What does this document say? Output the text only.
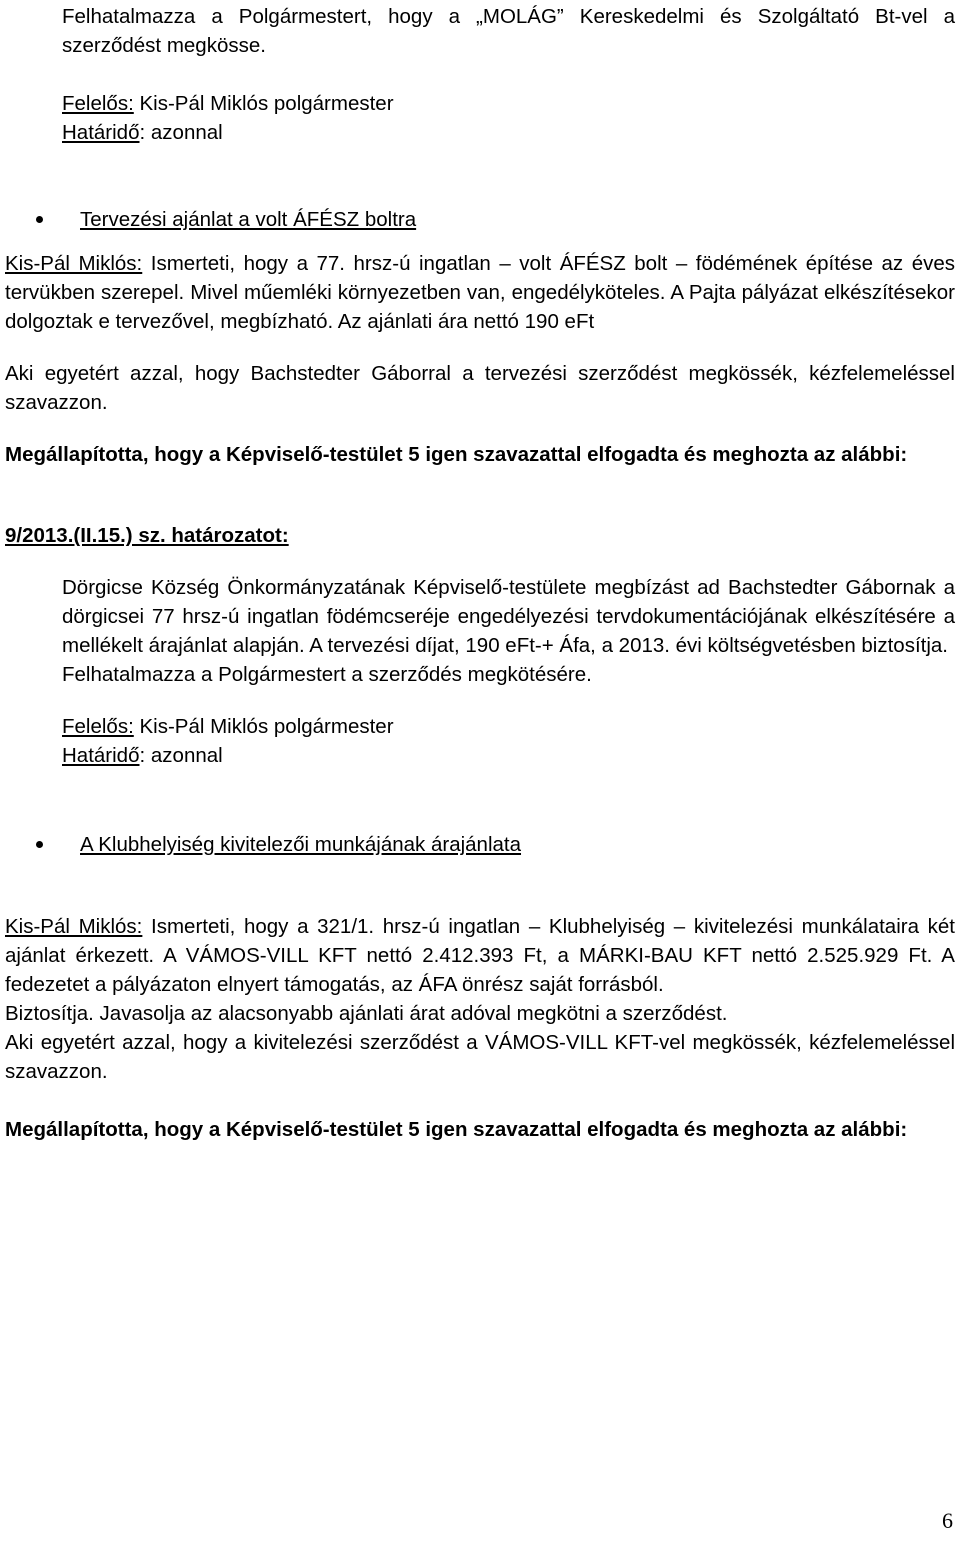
Felhatalmazza a Polgármestert, hogy a „MOLÁG” Kereskedelmi és Szolgáltató Bt-vel a szerződést megkösse.

Felelős: Kis-Pál Miklós polgármester

Határidő: azonnal

Tervezési ajánlat a volt ÁFÉSZ boltra

Kis-Pál Miklós: Ismerteti, hogy a 77. hrsz-ú ingatlan – volt ÁFÉSZ bolt – födémének építése az éves tervükben szerepel. Mivel műemléki környezetben van, engedélyköteles. A Pajta pályázat elkészítésekor dolgoztak e tervezővel, megbízható. Az ajánlati ára nettó 190 eFt

Aki egyetért azzal, hogy Bachstedter Gáborral a tervezési szerződést megkössék, kézfelemeléssel szavazzon.

Megállapította, hogy a Képviselő-testület 5 igen szavazattal elfogadta és meghozta az alábbi:

9/2013.(II.15.) sz. határozatot:

Dörgicse Község Önkormányzatának Képviselő-testülete megbízást ad Bachstedter Gábornak a dörgicsei 77 hrsz-ú ingatlan födémcseréje engedélyezési tervdokumentációjának elkészítésére a mellékelt árajánlat alapján. A tervezési díjat, 190 eFt-+ Áfa, a 2013. évi költségvetésben biztosítja.

Felhatalmazza a Polgármestert a szerződés megkötésére.

Felelős: Kis-Pál Miklós polgármester

Határidő: azonnal

A Klubhelyiség kivitelezői munkájának árajánlata

Kis-Pál Miklós: Ismerteti, hogy a 321/1. hrsz-ú ingatlan – Klubhelyiség – kivitelezési munkálataira két ajánlat érkezett. A VÁMOS-VILL KFT nettó 2.412.393 Ft, a MÁRKI-BAU KFT nettó 2.525.929 Ft. A fedezetet a pályázaton elnyert támogatás, az ÁFA önrész saját forrásból.

Biztosítja. Javasolja az alacsonyabb ajánlati árat adóval megkötni a szerződést.

Aki egyetért azzal, hogy a kivitelezési szerződést a VÁMOS-VILL KFT-vel megkössék, kézfelemeléssel szavazzon.

Megállapította, hogy a Képviselő-testület 5 igen szavazattal elfogadta és meghozta az alábbi:

6
